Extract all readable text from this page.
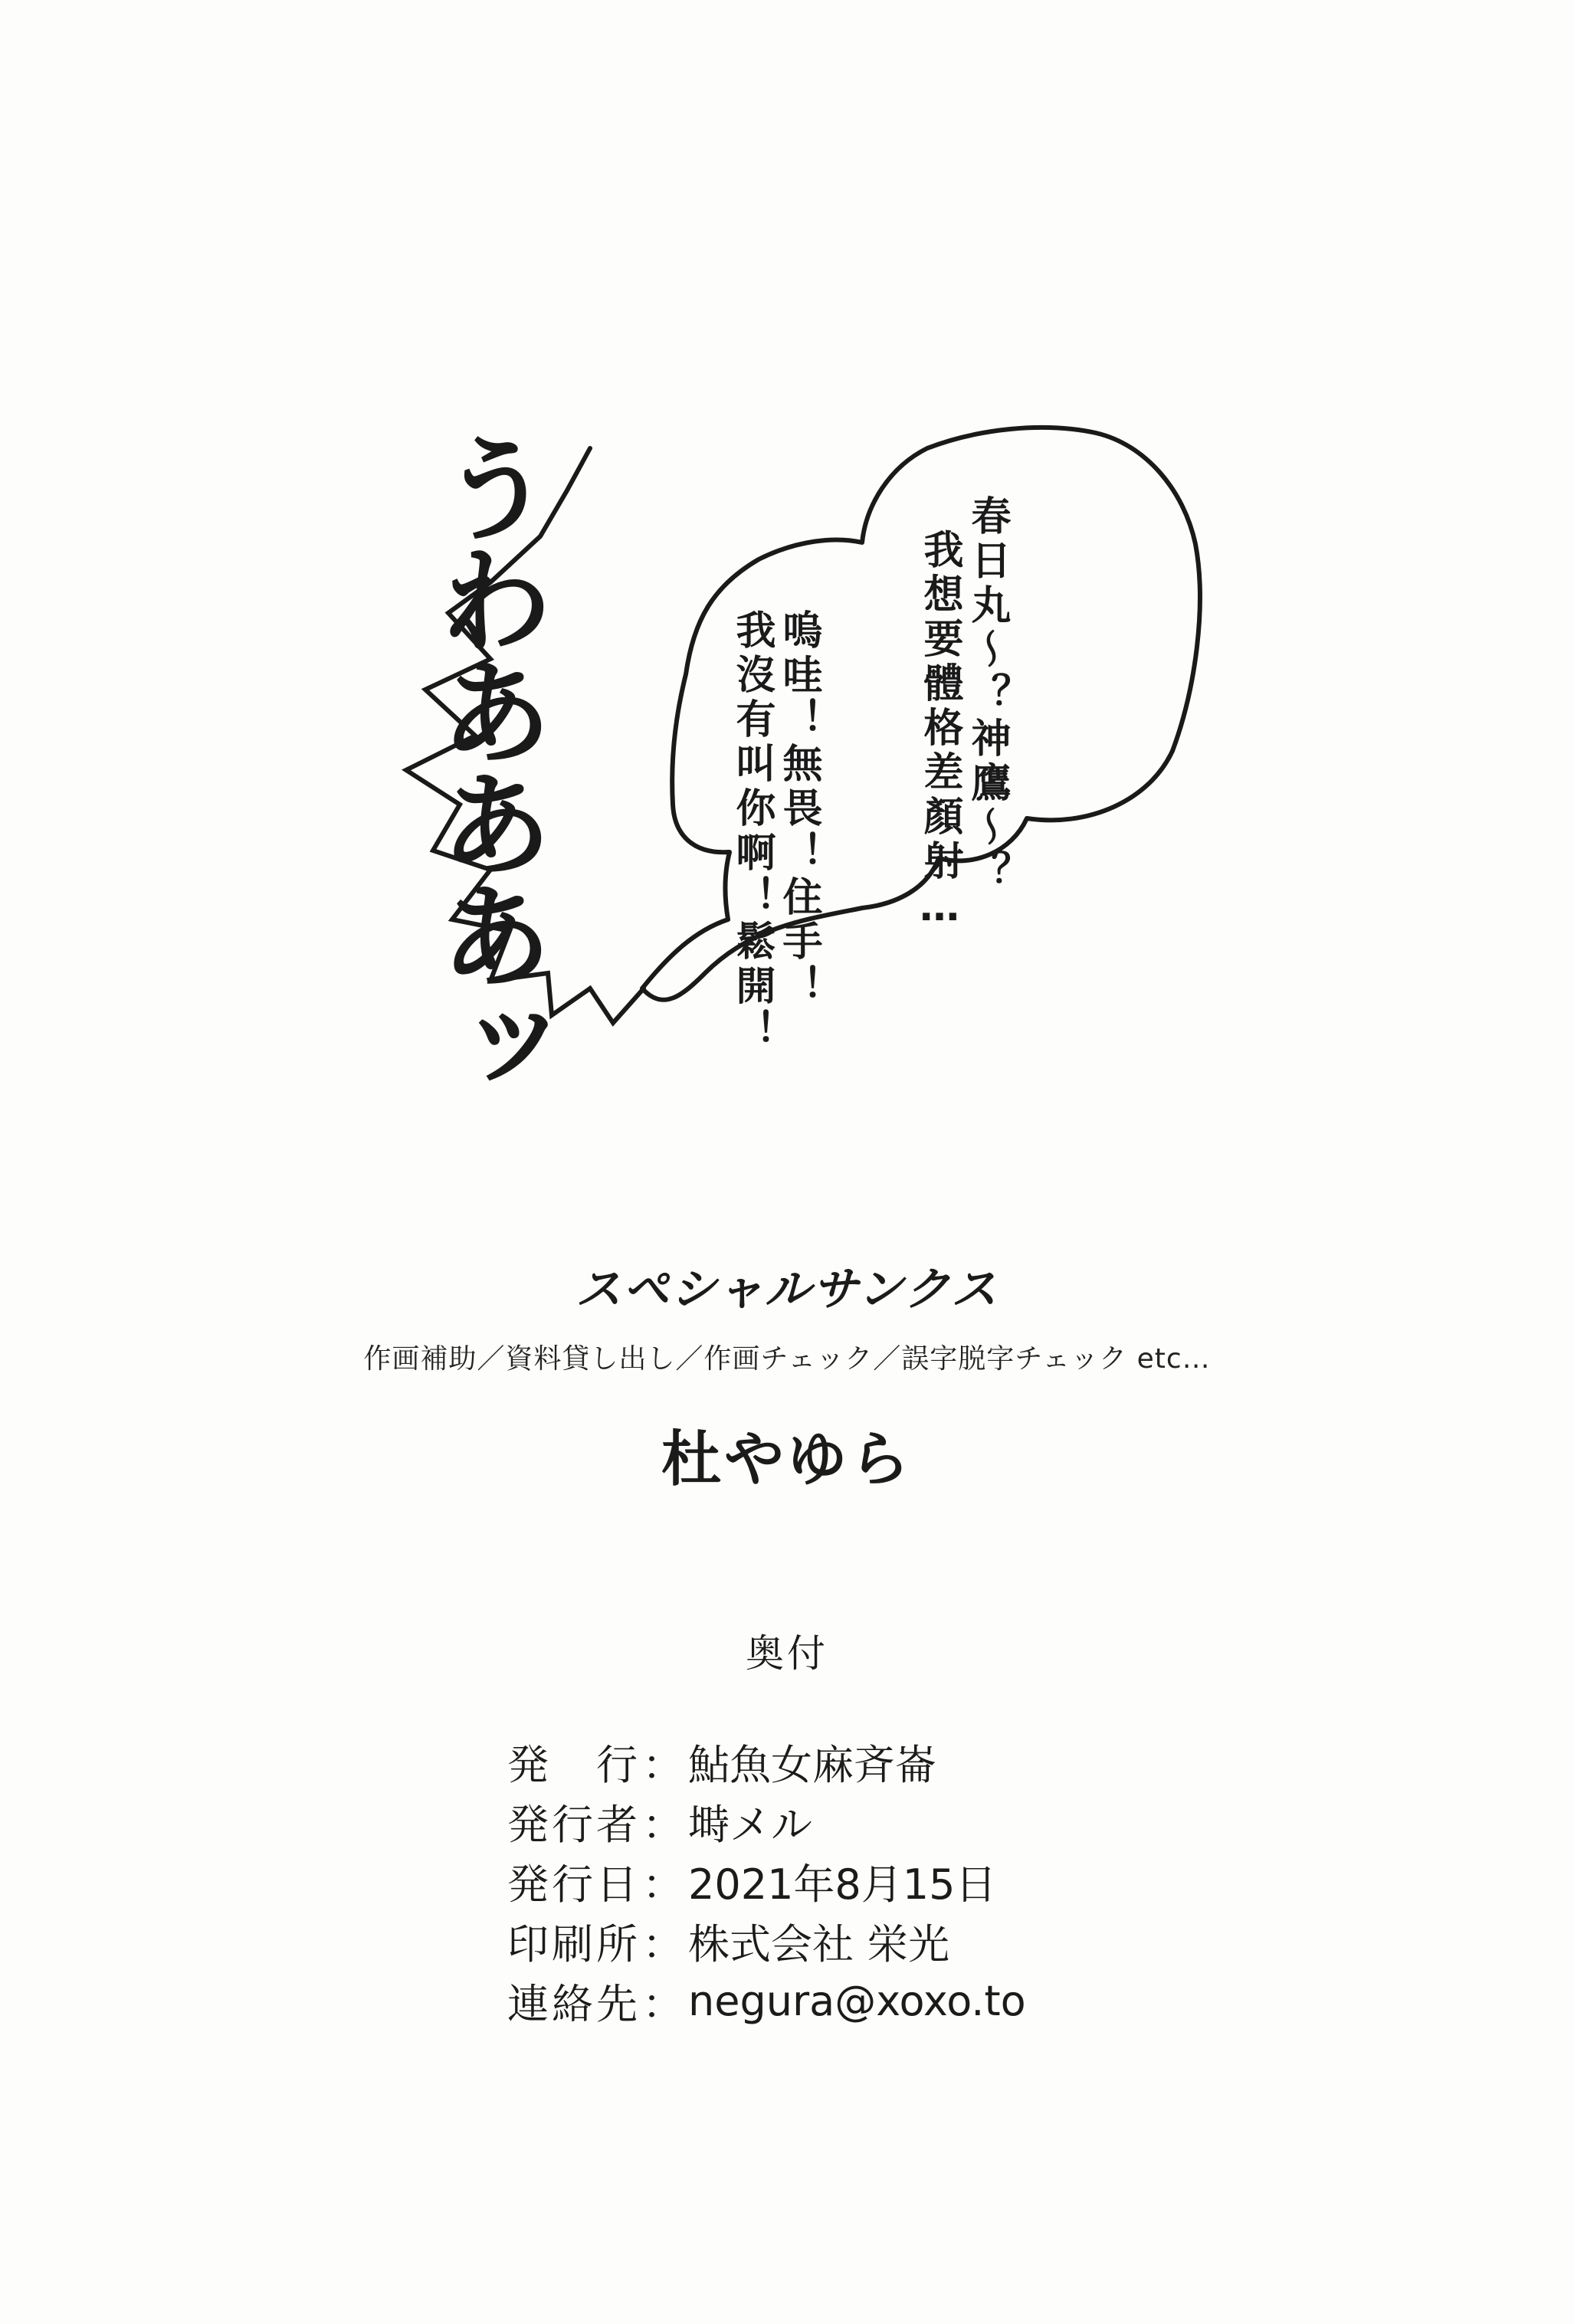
春日丸～？神鷹～？
我想要體格差顏射…
嗚哇！無畏！住手！
我沒有叫你啊！鬆開！
うわあああッ
スペシャルサンクス
作画補助／資料貸し出し／作画チェック／誤字脱字チェック etc…
杜やゆら
奥付
発 行 ： 鮎魚女麻斉崙
発行者 ： 塒メル
発行日 ： 2021年8月15日
印刷所 ： 株式会社 栄光
連絡先 ： negura@xoxo.to
